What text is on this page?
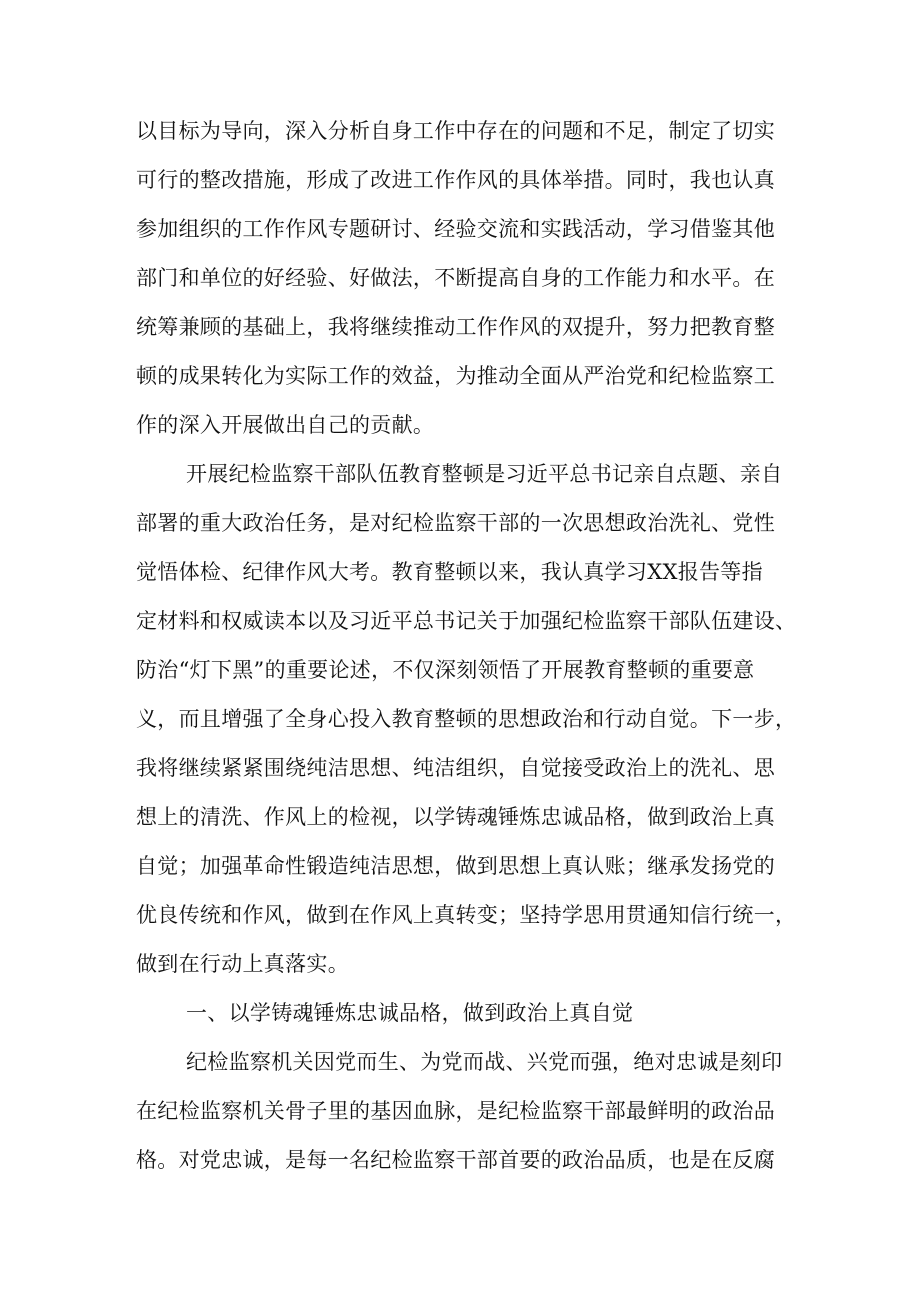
以目标为导向，深入分析自身工作中存在的问题和不足，制定了切实
可行的整改措施，形成了改进工作作风的具体举措。同时，我也认真
参加组织的工作作风专题研讨、经验交流和实践活动，学习借鉴其他
部门和单位的好经验、好做法，不断提高自身的工作能力和水平。在
统筹兼顾的基础上，我将继续推动工作作风的双提升，努力把教育整
顿的成果转化为实际工作的效益，为推动全面从严治党和纪检监察工
作的深入开展做出自己的贡献。
开展纪检监察干部队伍教育整顿是习近平总书记亲自点题、亲自
部署的重大政治任务，是对纪检监察干部的一次思想政治洗礼、党性
觉悟体检、纪律作风大考。教育整顿以来，我认真学习XX报告等指
定材料和权威读本以及习近平总书记关于加强纪检监察干部队伍建设、
防治“灯下黑”的重要论述，不仅深刻领悟了开展教育整顿的重要意
义，而且增强了全身心投入教育整顿的思想政治和行动自觉。下一步，
我将继续紧紧围绕纯洁思想、纯洁组织，自觉接受政治上的洗礼、思
想上的清洗、作风上的检视，以学铸魂锤炼忠诚品格，做到政治上真
自觉；加强革命性锻造纯洁思想，做到思想上真认账；继承发扬党的
优良传统和作风，做到在作风上真转变；坚持学思用贯通知信行统一，
做到在行动上真落实。
一、以学铸魂锤炼忠诚品格，做到政治上真自觉
纪检监察机关因党而生、为党而战、兴党而强，绝对忠诚是刻印
在纪检监察机关骨子里的基因血脉，是纪检监察干部最鲜明的政治品
格。对党忠诚，是每一名纪检监察干部首要的政治品质，也是在反腐
